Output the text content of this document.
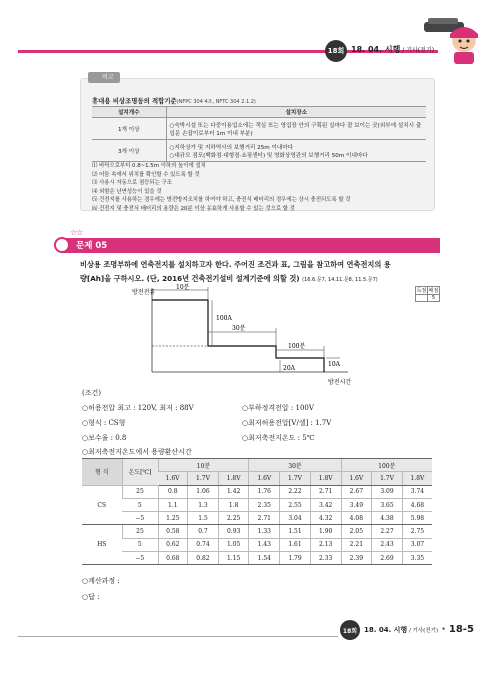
18회 18. 04. 시행 / 기사(전기)
비고
휴대용 비상조명등의 적합기준(NFPC 304 4조, NFTC 304 2.1.2)
설치개수	설치장소
1개 이상	○숙박시설 또는 다중이용업소에는 객실 또는 영업장 안의 구획된 실마다 잘 보이는 곳(외부에 설치시 출입문 손잡이로부터 1m 이내 부분)
3개 이상	○지하상가 및 지하역사의 보행거리 25m 이내마다
○대규모 점포(백화점·대형점·쇼핑센터) 및 영화상영관의 보행거리 50m 이내마다
⑴ 바닥으로부터 0.8~1.5m 이하의 높이에 설치
⑵ 어둠 속에서 위치를 확인할 수 있도록 할 것
⑶ 사용시 자동으로 점등되는 구조
⑷ 외함은 난연성능이 있을 것
⑸ 건전지를 사용하는 경우에는 방전방지조치를 하여야 하고, 충전식 배터리의 경우에는 상시 충전되도록 할 것
⑹ 건전지 및 충전식 배터리의 용량은 20분 이상 유효하게 사용할 수 있는 것으로 할 것
☆☆
문제 05
비상용 조명부하에 연축전지를 설치하고자 한다. 주어진 조건과 표, 그림을 참고하여 연축전지의 용
량[Ah]을 구하시오. (단, 2016년 건축전기설비 설계기준에 의할 것) (16.6.문7, 14.11.문8, 11.5.문7)
득점	배점
	5
방전전류
방전시간
10분
100A
30분
100분
20A
10A
(조건)
○허용전압 최고 : 120V, 최저 : 88V	○부하정격전압 : 100V
○형식 : CS형	○최저허용전압[V/셀] : 1.7V
○보수율 : 0.8	○최저축전지온도 : 5℃
○최저축전지온도에서 용량환산시간
형 식	온도[℃]	10분			30분			100분		
		1.6V	1.7V	1.8V	1.6V	1.7V	1.8V	1.6V	1.7V	1.8V
CS	25	0.8	1.06	1.42	1.76	2.22	2.71	2.67	3.09	3.74
	5	1.1	1.3	1.8	2.35	2.55	3.42	3.49	3.65	4.68
	−5	1.25	1.5	2.25	2.71	3.04	4.32	4.08	4.38	5.98
HS	25	0.58	0.7	0.93	1.33	1.51	1.90	2.05	2.27	2.75
	5	0.62	0.74	1.05	1.43	1.61	2.13	2.21	2.43	3.07
	−5	0.68	0.82	1.15	1.54	1.79	2.33	2.39	2.69	3.35
○계산과정 :
○답 :
18회 18. 04. 시행 / 기사(전기) · 18-5
